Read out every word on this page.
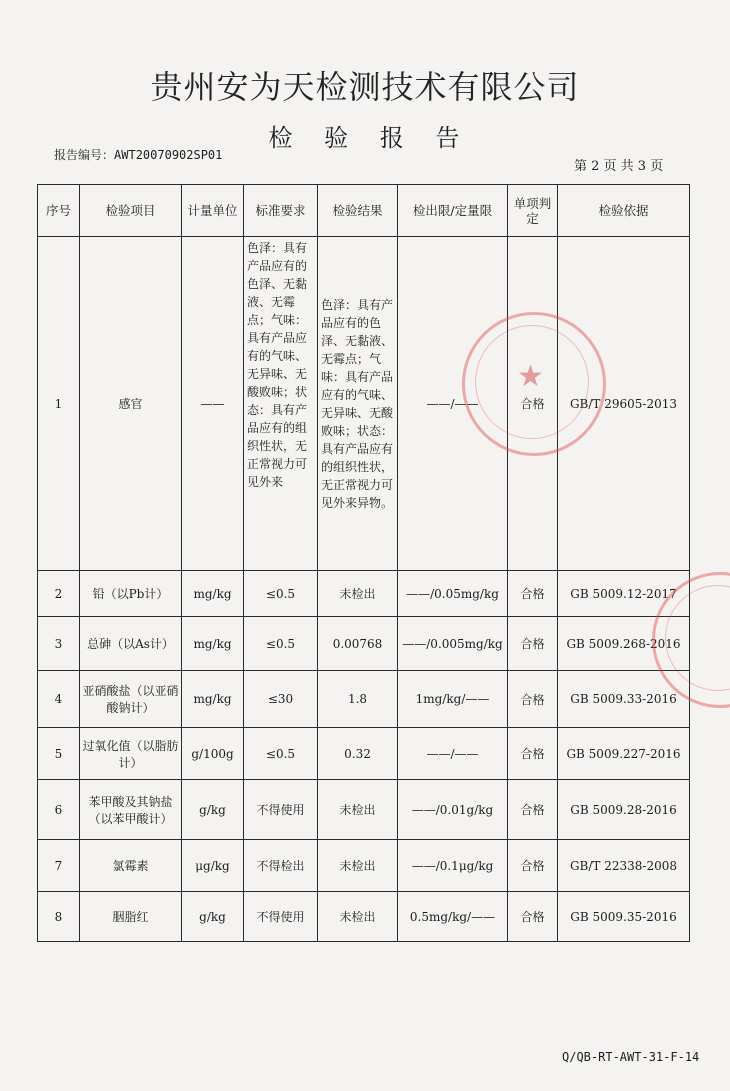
贵州安为天检测技术有限公司
检 验 报 告
报告编号：AWT20070902SP01
第 2 页 共 3 页
序号	检验项目	计量单位	标准要求	检验结果	检出限/定量限	单项判定	检验依据
1	感官	——	色泽：具有产品应有的色泽、无黏液、无霉点；气味：具有产品应有的气味、无异味、无酸败味；状态：具有产品应有的组织性状，无正常视力可见外来	色泽：具有产品应有的色泽、无黏液、无霉点；气味：具有产品应有的气味、无异味、无酸败味；状态：具有产品应有的组织性状，无正常视力可见外来异物。	——/——	合格	GB/T 29605-2013
2	铅（以Pb计）	mg/kg	≤0.5	未检出	——/0.05mg/kg	合格	GB 5009.12-2017
3	总砷（以As计）	mg/kg	≤0.5	0.00768	——/0.005mg/kg	合格	GB 5009.268-2016
4	亚硝酸盐（以亚硝酸钠计）	mg/kg	≤30	1.8	1mg/kg/——	合格	GB 5009.33-2016
5	过氧化值（以脂肪计）	g/100g	≤0.5	0.32	——/——	合格	GB 5009.227-2016
6	苯甲酸及其钠盐（以苯甲酸计）	g/kg	不得使用	未检出	——/0.01g/kg	合格	GB 5009.28-2016
7	氯霉素	μg/kg	不得检出	未检出	——/0.1μg/kg	合格	GB/T 22338-2008
8	胭脂红	g/kg	不得使用	未检出	0.5mg/kg/——	合格	GB 5009.35-2016
★
Q/QB-RT-AWT-31-F-14
